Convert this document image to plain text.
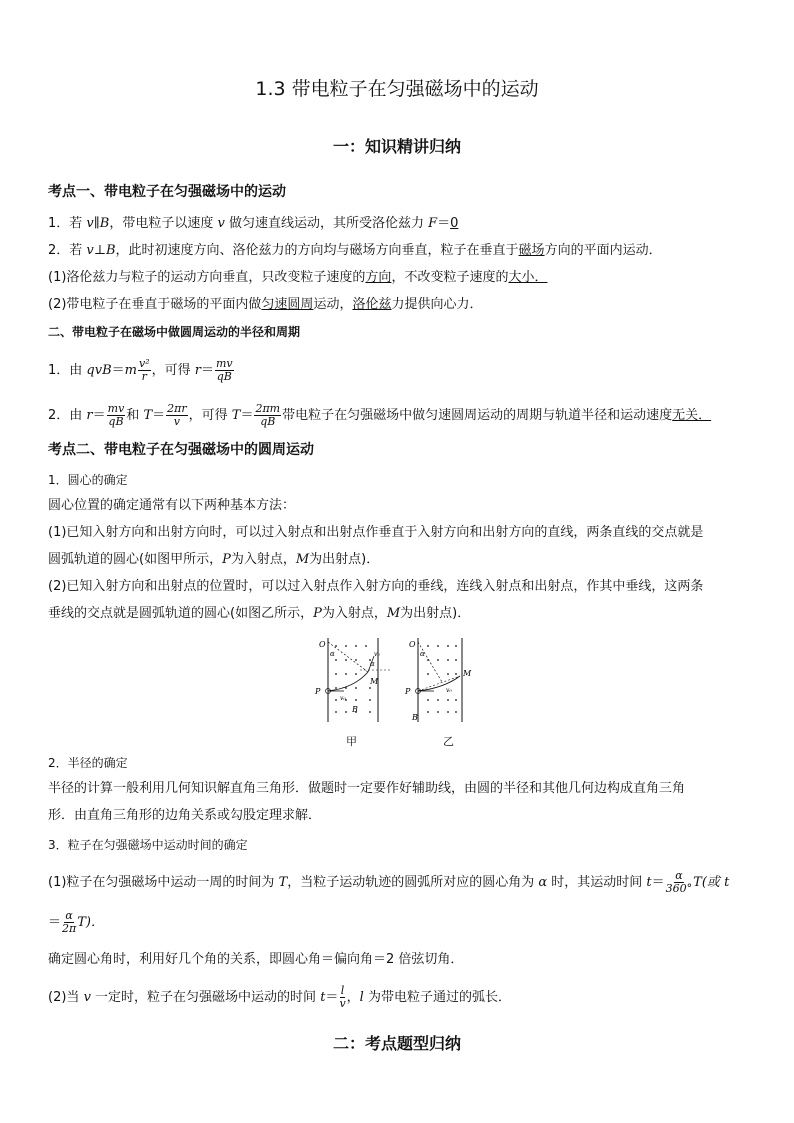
1.3 带电粒子在匀强磁场中的运动
一：知识精讲归纳
考点一、带电粒子在匀强磁场中的运动
1．若 v∥B，带电粒子以速度 v 做匀速直线运动，其所受洛伦兹力 F＝0
2．若 v⊥B，此时初速度方向、洛伦兹力的方向均与磁场方向垂直，粒子在垂直于磁场方向的平面内运动．
(1)洛伦兹力与粒子的运动方向垂直，只改变粒子速度的方向，不改变粒子速度的大小．
(2)带电粒子在垂直于磁场的平面内做匀速圆周运动，洛伦兹力提供向心力．
二、带电粒子在磁场中做圆周运动的半径和周期
1．由 $qvB=m \frac{\text{v²}}{r}$ ，可得 $r= \frac{mv}{qB}$
2．由 $r= \frac{mv}{qB}$ 和 $T= \frac{2\pi r}{v}$ ，可得 $T= \frac{2\pi m}{qB}$ 带电粒子在匀强磁场中做匀速圆周运动的周期与轨道半径和运动速度无关．
考点二、带电粒子在匀强磁场中的圆周运动
1．圆心的确定
圆心位置的确定通常有以下两种基本方法：
(1)已知入射方向和出射方向时，可以过入射点和出射点作垂直于入射方向和出射方向的直线，两条直线的交点就是
圆弧轨道的圆心(如图甲所示，P为入射点，M为出射点)．
(2)已知入射方向和出射点的位置时，可以过入射点作入射方向的垂线，连线入射点和出射点，作其中垂线，这两条
垂线的交点就是圆弧轨道的圆心(如图乙所示，P为入射点，M为出射点)．
O
α
α
v₀
M
P
v₀
B
O
α
M
P	v₀
B
甲	乙
2．半径的确定
半径的计算一般利用几何知识解直角三角形．做题时一定要作好辅助线，由圆的半径和其他几何边构成直角三角
形．由直角三角形的边角关系或勾股定理求解．
3．粒子在匀强磁场中运动时间的确定
(1)粒子在匀强磁场中运动一周的时间为 T，当粒子运动轨迹的圆弧所对应的圆心角为 α 时，其运动时间 $t= \frac{\alpha}{360^\circ} T$(或 t
＝ $\frac{\alpha}{2\pi} T$)．
确定圆心角时，利用好几个角的关系，即圆心角＝偏向角＝2 倍弦切角．
(2)当 v 一定时，粒子在匀强磁场中运动的时间 $t= \frac{l}{v}$ ，l 为带电粒子通过的弧长．
二：考点题型归纳
